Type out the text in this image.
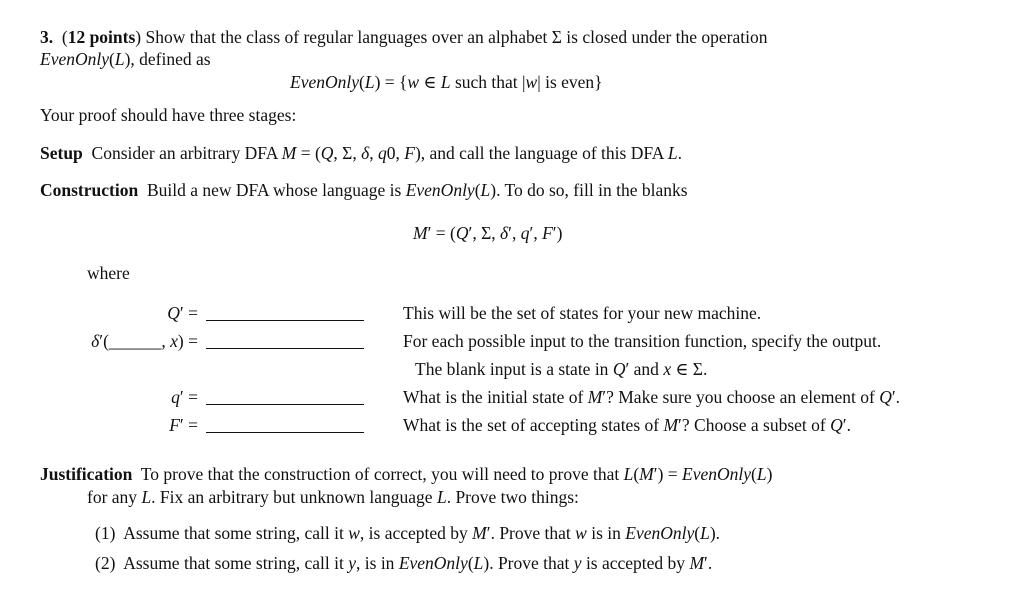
3.  (12 points) Show that the class of regular languages over an alphabet Σ is closed under the operation
EvenOnly(L), defined as
EvenOnly(L) = {w ∈ L such that |w| is even}
Your proof should have three stages:
Setup  Consider an arbitrary DFA M = (Q, Σ, δ, q0, F), and call the language of this DFA L.
Construction  Build a new DFA whose language is EvenOnly(L). To do so, fill in the blanks
M′ = (Q′, Σ, δ′, q′, F′)
where
Q′ =
δ′(______, x) =
q′ =
F′ =
This will be the set of states for your new machine.
For each possible input to the transition function, specify the output.
The blank input is a state in Q′ and x ∈ Σ.
What is the initial state of M′? Make sure you choose an element of Q′.
What is the set of accepting states of M′? Choose a subset of Q′.
Justification  To prove that the construction of correct, you will need to prove that L(M′) = EvenOnly(L)
for any L. Fix an arbitrary but unknown language L. Prove two things:
(1)  Assume that some string, call it w, is accepted by M′. Prove that w is in EvenOnly(L).
(2)  Assume that some string, call it y, is in EvenOnly(L). Prove that y is accepted by M′.
